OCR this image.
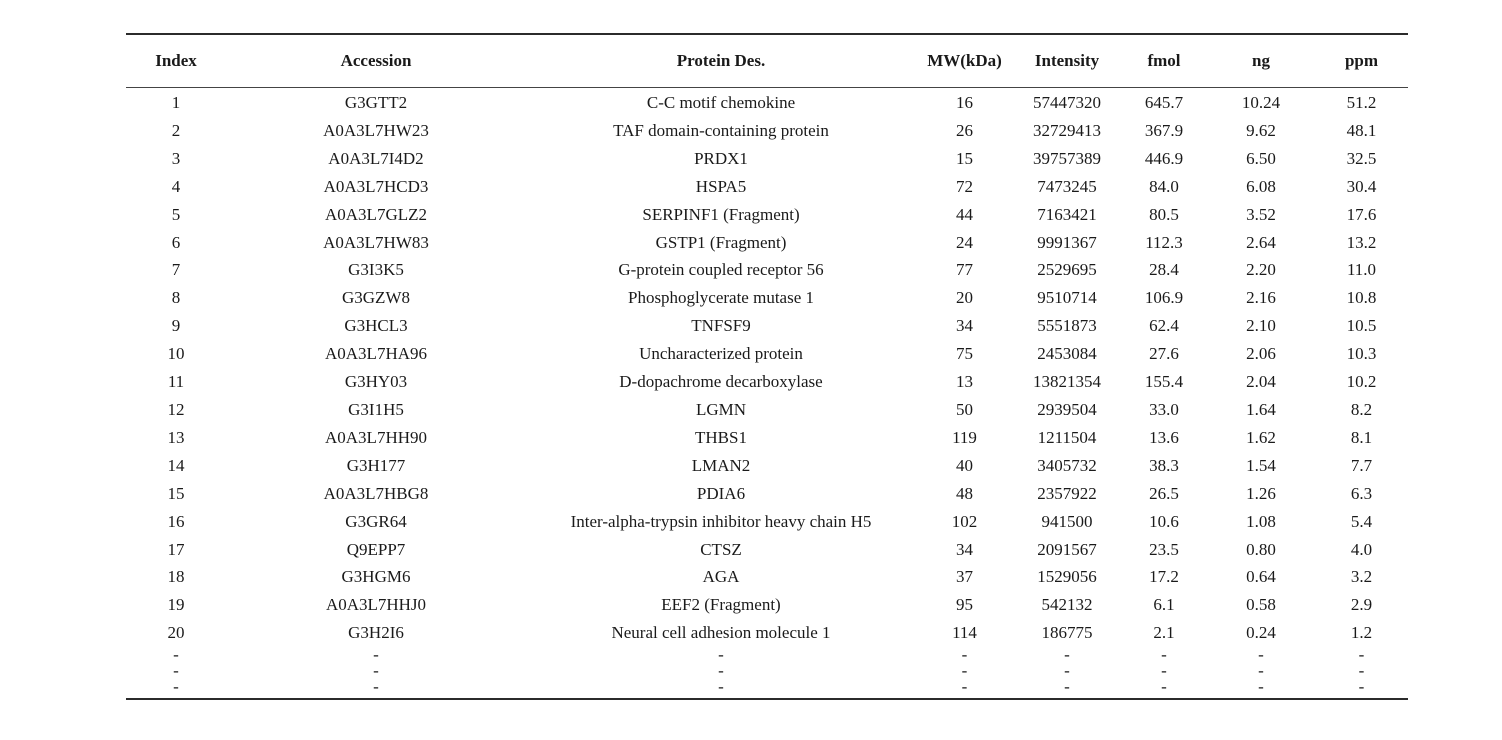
Index	Accession	Protein Des.	MW(kDa)	Intensity	fmol	ng	ppm
1	G3GTT2	C-C motif chemokine	16	57447320	645.7	10.24	51.2
2	A0A3L7HW23	TAF domain-containing protein	26	32729413	367.9	9.62	48.1
3	A0A3L7I4D2	PRDX1	15	39757389	446.9	6.50	32.5
4	A0A3L7HCD3	HSPA5	72	7473245	84.0	6.08	30.4
5	A0A3L7GLZ2	SERPINF1 (Fragment)	44	7163421	80.5	3.52	17.6
6	A0A3L7HW83	GSTP1 (Fragment)	24	9991367	112.3	2.64	13.2
7	G3I3K5	G-protein coupled receptor 56	77	2529695	28.4	2.20	11.0
8	G3GZW8	Phosphoglycerate mutase 1	20	9510714	106.9	2.16	10.8
9	G3HCL3	TNFSF9	34	5551873	62.4	2.10	10.5
10	A0A3L7HA96	Uncharacterized protein	75	2453084	27.6	2.06	10.3
11	G3HY03	D-dopachrome decarboxylase	13	13821354	155.4	2.04	10.2
12	G3I1H5	LGMN	50	2939504	33.0	1.64	8.2
13	A0A3L7HH90	THBS1	119	1211504	13.6	1.62	8.1
14	G3H177	LMAN2	40	3405732	38.3	1.54	7.7
15	A0A3L7HBG8	PDIA6	48	2357922	26.5	1.26	6.3
16	G3GR64	Inter-alpha-trypsin inhibitor heavy chain H5	102	941500	10.6	1.08	5.4
17	Q9EPP7	CTSZ	34	2091567	23.5	0.80	4.0
18	G3HGM6	AGA	37	1529056	17.2	0.64	3.2
19	A0A3L7HHJ0	EEF2 (Fragment)	95	542132	6.1	0.58	2.9
20	G3H2I6	Neural cell adhesion molecule 1	114	186775	2.1	0.24	1.2
-	-	-	-	-	-	-	-
-	-	-	-	-	-	-	-
-	-	-	-	-	-	-	-
